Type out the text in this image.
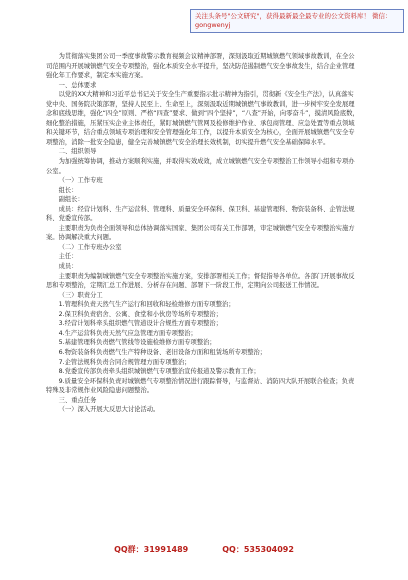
关注头条号"公文研究"，获得最新最全最专业的公文资料库！ 微信：gongwenyj

为贯彻落实集团公司一季度事故警示教育视频会议精神部署，深刻汲取近期城镇燃气领域事故教训，在全公司范围内开展城镇燃气安全专项整治，强化本质安全水平提升，坚决防范遏制燃气安全事故发生，结合企业管理强化年工作要求，制定本实施方案。

一、总体要求

以党的XX大精神和习近平总书记关于安全生产重要指示批示精神为指引，贯彻新《安全生产法》，认真落实党中央、国务院决策部署，坚持人民至上、生命至上，深刻汲取近期城镇燃气事故教训，进一步树牢安全发展理念和底线思维，强化“四全”原则、严格“四查”要求、做到“四个坚持”，“八查”开始，向零奋斗”，摸清风险底数，细化整治措施，压紧压实企业主体责任，紧盯城镇燃气管网及检修维护作业、承包商管理、应急处置等重点领域和关键环节，结合重点领域专项治理和安全管理强化年工作，以提升本质安全为核心，全面开展城镇燃气安全专项整治，消除一批安全隐患，健全完善城镇燃气安全治理长效机制，切实提升燃气安全基础保障水平。

二、组织领导

为加强统筹协调，推动方案顺利实施，并取得实效成效，成立城镇燃气安全专项整治工作领导小组和专项办公室。

（一）工作专班

组长：

副组长：

成员：经营计划科、生产运营科、管理科、质量安全环保科、保卫科、基建管理科、物资装备科、企管法规科、党委宣传部。

主要职责为负责全面领导和总体协调落实国家、集团公司有关工作部署，审定城镇燃气安全专项整治实施方案。协调解决重大问题。

（二）工作专班办公室

主任：

成员：

主要职责为编制城镇燃气安全专项整治实施方案，安排部署相关工作；督促指导各单位。各部门开展事故反思和专项整治，定期汇总工作进展、分析存在问题、部署下一阶段工作，定期向公司报送工作情况。

（三）职责分工

1.管理科负责天然气生产运行和回收和轻检维修方面专项整治；

2.保卫科负责宿舍、公寓、食堂和小伙房等场所专项整治；

3.经营计划科牵头组织燃气管道设计合规性方面专项整治；

4.生产运营科负责天然气应急管理方面专项整治；

5.基建管理科负责燃气管线等设施检维修方面专项整治；

6.物资装备科负责燃气生产特种设备、老旧设备方面和租赁场所专项整治；

7.企管法规科负责合同合规管理方面专项整治；

8.党委宣传部负责牵头组织城镇燃气专项整治宣传报道及警示教育工作；

9.质量安全环保科负责对城镇燃气专项整治情况进行跟踪督导，与监督站、消防四大队开展联合检查；负责特殊及非常规作业风险隐患问题整治。

三、重点任务

（一）深入开展大反思大讨论活动。

QQ群：31991489	QQ：535304092
